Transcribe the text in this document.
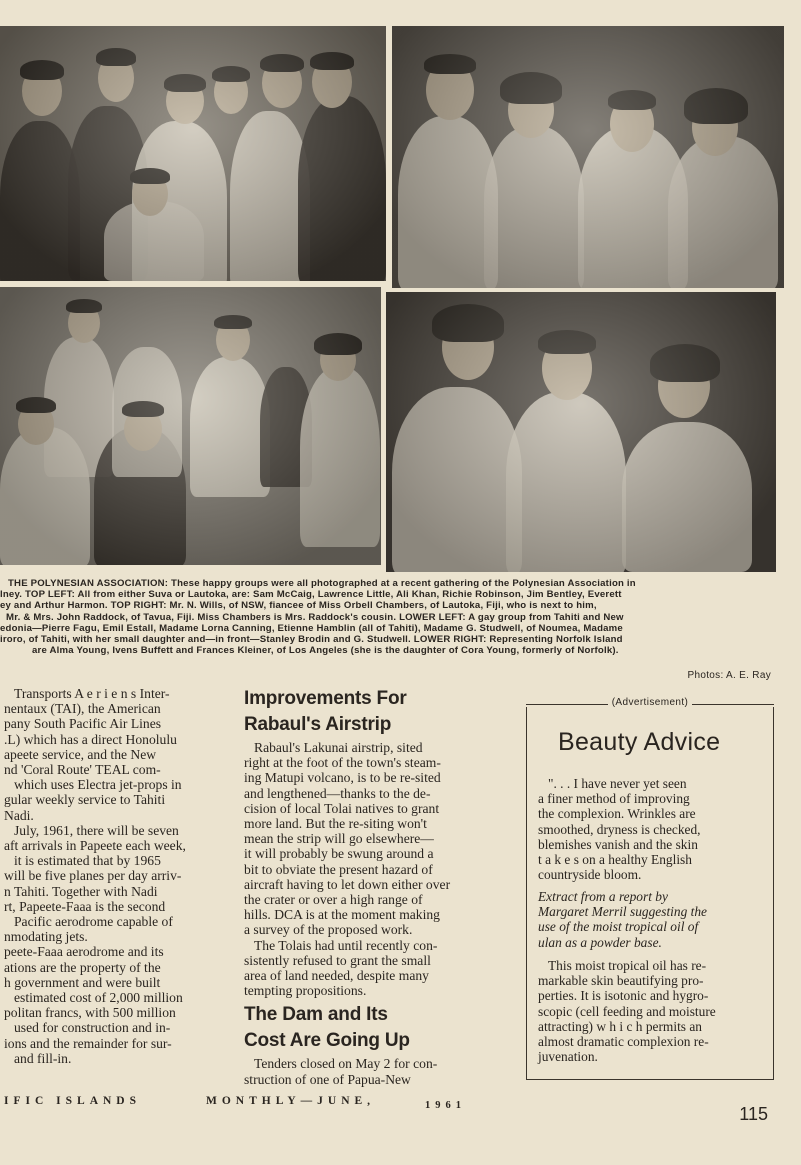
THE POLYNESIAN ASSOCIATION: These happy groups were all photographed at a recent gathering of the Polynesian Association in
lney. TOP LEFT: All from either Suva or Lautoka, are: Sam McCaig, Lawrence Little, Ali Khan, Richie Robinson, Jim Bentley, Everett
ey and Arthur Harmon. TOP RIGHT: Mr. N. Wills, of NSW, fiancee of Miss Orbell Chambers, of Lautoka, Fiji, who is next to him,
Mr. & Mrs. John Raddock, of Tavua, Fiji. Miss Chambers is Mrs. Raddock's cousin. LOWER LEFT: A gay group from Tahiti and New
edonia—Pierre Fagu, Emil Estall, Madame Lorna Canning, Etienne Hamblin (all of Tahiti), Madame G. Studwell, of Noumea, Madame
iroro, of Tahiti, with her small daughter and—in front—Stanley Brodin and G. Studwell. LOWER RIGHT: Representing Norfolk Island
are Alma Young, Ivens Buffett and Frances Kleiner, of Los Angeles (she is the daughter of Cora Young, formerly of Norfolk).
Photos: A. E. Ray

Transports A e r i e n s Inter-

nentaux (TAI), the American

pany South Pacific Air Lines

.L) which has a direct Honolulu

apeete service, and the New

nd 'Coral Route' TEAL com-

which uses Electra jet-props in

gular weekly service to Tahiti

Nadi.

July, 1961, there will be seven

aft arrivals in Papeete each week,

it is estimated that by 1965

will be five planes per day arriv-

n Tahiti. Together with Nadi

rt, Papeete-Faaa is the second

Pacific aerodrome capable of

nmodating jets.

peete-Faaa aerodrome and its

ations are the property of the

h government and were built

estimated cost of 2,000 million

politan francs, with 500 million

used for construction and in-

ions and the remainder for sur-

and fill-in.

Improvements For
Rabaul's Airstrip

Rabaul's Lakunai airstrip, sited

right at the foot of the town's steam-

ing Matupi volcano, is to be re-sited

and lengthened—thanks to the de-

cision of local Tolai natives to grant

more land. But the re-siting won't

mean the strip will go elsewhere—

it will probably be swung around a

bit to obviate the present hazard of

aircraft having to let down either over

the crater or over a high range of

hills. DCA is at the moment making

a survey of the proposed work.

The Tolais had until recently con-

sistently refused to grant the small

area of land needed, despite many

tempting propositions.

The Dam and Its
Cost Are Going Up

Tenders closed on May 2 for con-

struction of one of Papua-New

(Advertisement)
Beauty Advice

". . . I have never yet seen

a finer method of improving

the complexion. Wrinkles are

smoothed, dryness is checked,

blemishes vanish and the skin

t a k e s on a healthy English

countryside bloom.

Extract from a report by

Margaret Merril suggesting the

use of the moist tropical oil of

ulan as a powder base.

This moist tropical oil has re-

markable skin beautifying pro-

perties. It is isotonic and hygro-

scopic (cell feeding and moisture

attracting) w h i c h permits an

almost dramatic complexion re-

juvenation.

IFIC ISLANDS	MONTHLY—JUNE,	1961	115
